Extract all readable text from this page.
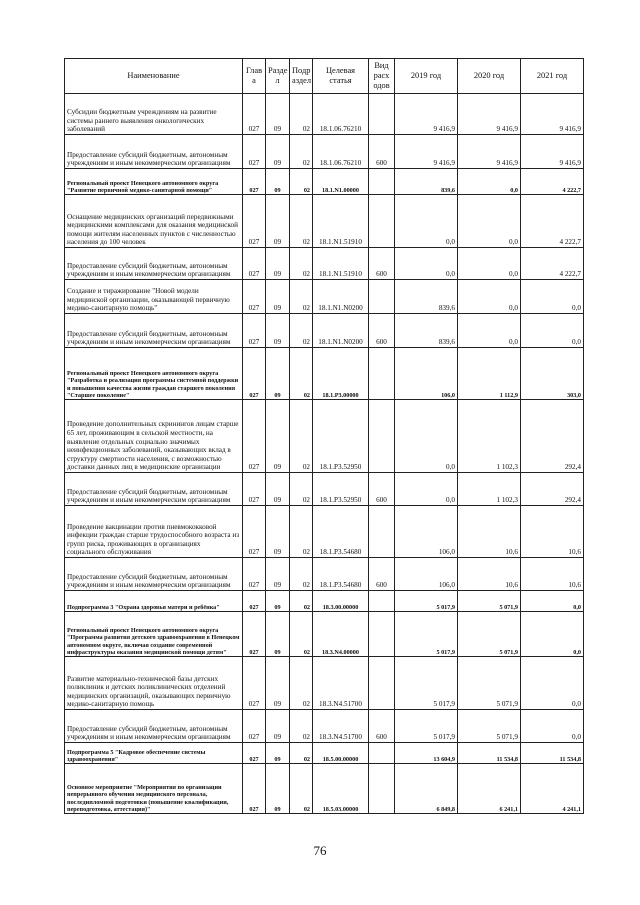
Наименование	Глав а	Разде л	Подр аздел	Целевая статья	Вид расх одов	2019 год	2020 год	2021 год
Субсидии бюджетным учреждениям на развитие системы раннего выявления онкологических заболеваний	027	09	02	18.1.06.76210		9 416,9	9 416,9	9 416,9
Предоставление субсидий бюджетным, автономным учреждениям и иным некоммерческим организациям	027	09	02	18.1.06.76210	600	9 416,9	9 416,9	9 416,9
Региональный проект Ненецкого автономного округа "Развитие первичной медико-санитарной помощи"	027	09	02	18.1.N1.00000		839,6	0,0	4 222,7
Оснащение медицинских организаций передвижными медицинскими комплексами для оказания медицинской помощи жителям населенных пунктов с численностью населения до 100 человек	027	09	02	18.1.N1.51910		0,0	0,0	4 222,7
Предоставление субсидий бюджетным, автономным учреждениям и иным некоммерческим организациям	027	09	02	18.1.N1.51910	600	0,0	0,0	4 222,7
Создание и тиражирование "Новой модели медицинской организации, оказывающей первичную медико-санитарную помощь"	027	09	02	18.1.N1.N0200		839,6	0,0	0,0
Предоставление субсидий бюджетным, автономным учреждениям и иным некоммерческим организациям	027	09	02	18.1.N1.N0200	600	839,6	0,0	0,0
Региональный проект Ненецкого автономного округа "Разработка и реализация программы системной поддержки и повышения качества жизни граждан старшего поколения "Старшее поколение"	027	09	02	18.1.P3.00000		106,0	1 112,9	303,0
Проведение дополнительных скринингов лицам старше 65 лет, проживающим в сельской местности, на выявление отдельных социально значимых неинфекционных заболеваний, оказывающих вклад в структуру смертности населения, с возможностью доставки данных лиц в медицинские организации	027	09	02	18.1.P3.52950		0,0	1 102,3	292,4
Предоставление субсидий бюджетным, автономным учреждениям и иным некоммерческим организациям	027	09	02	18.1.P3.52950	600	0,0	1 102,3	292,4
Проведение вакцинации против пневмококковой инфекции граждан старше трудоспособного возраста из групп риска, проживающих в организациях социального обслуживания	027	09	02	18.1.P3.54680		106,0	10,6	10,6
Предоставление субсидий бюджетным, автономным учреждениям и иным некоммерческим организациям	027	09	02	18.1.P3.54680	600	106,0	10,6	10,6
Подпрограмма 3 "Охрана здоровья матери и ребёнка"	027	09	02	18.3.00.00000		5 017,9	5 071,9	0,0
Региональный проект Ненецкого автономного округа "Программа развития детского здравоохранения в Ненецком автономном округе, включая создание современной инфраструктуры оказания медицинской помощи детям"	027	09	02	18.3.N4.00000		5 017,9	5 071,9	0,0
Развитие материально-технической базы детских поликлиник и детских поликлинических отделений медицинских организаций, оказывающих первичную медико-санитарную помощь	027	09	02	18.3.N4.51700		5 017,9	5 071,9	0,0
Предоставление субсидий бюджетным, автономным учреждениям и иным некоммерческим организациям	027	09	02	18.3.N4.51700	600	5 017,9	5 071,9	0,0
Подпрограмма 5 "Кадровое обеспечение системы здравоохранения"	027	09	02	18.5.00.00000		13 604,9	11 534,8	11 534,8
Основное мероприятие "Мероприятия по организации непрерывного обучения медицинского персонала, последипломной подготовки (повышение квалификации, переподготовка, аттестация)"	027	09	02	18.5.03.00000		6 849,8	6 241,1	4 241,1
76
